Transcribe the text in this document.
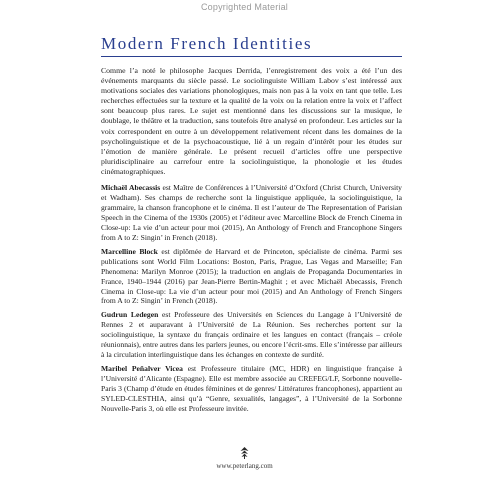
Copyrighted Material
Modern French Identities
Comme l’a noté le philosophe Jacques Derrida, l’enregistrement des voix a été l’un des événements marquants du siècle passé. Le sociolinguiste William Labov s’est intéressé aux motivations sociales des variations phonologiques, mais non pas à la voix en tant que telle. Les recherches effectuées sur la texture et la qualité de la voix ou la relation entre la voix et l’affect sont beaucoup plus rares. Le sujet est mentionné dans les discussions sur la musique, le doublage, le théâtre et la traduction, sans toutefois être analysé en profondeur. Les articles sur la voix correspondent en outre à un développement relativement récent dans les domaines de la psycholinguistique et de la psychoacoustique, lié à un regain d’intérêt pour les études sur l’émotion de manière générale. Le présent recueil d’articles offre une perspective pluridisciplinaire au carrefour entre la sociolinguistique, la phonologie et les études cinématographiques.

Michaël Abecassis est Maître de Conférences à l’Université d’Oxford (Christ Church, University et Wadham). Ses champs de recherche sont la linguistique appliquée, la sociolinguistique, la grammaire, la chanson francophone et le cinéma. Il est l’auteur de The Representation of Parisian Speech in the Cinema of the 1930s (2005) et l’éditeur avec Marcelline Block de French Cinema in Close-up: La vie d’un acteur pour moi (2015), An Anthology of French and Francophone Singers from A to Z: Singin’ in French (2018).

Marcelline Block est diplômée de Harvard et de Princeton, spécialiste de cinéma. Parmi ses publications sont World Film Locations: Boston, Paris, Prague, Las Vegas and Marseille; Fan Phenomena: Marilyn Monroe (2015); la traduction en anglais de Propaganda Documentaries in France, 1940–1944 (2016) par Jean-Pierre Bertin-Maghit ; et avec Michaël Abecassis, French Cinema in Close-up: La vie d’un acteur pour moi (2015) and An Anthology of French Singers from A to Z: Singin’ in French (2018).

Gudrun Ledegen est Professeure des Universités en Sciences du Langage à l’Université de Rennes 2 et auparavant à l’Université de La Réunion. Ses recherches portent sur la sociolinguistique, la syntaxe du français ordinaire et les langues en contact (français – créole réunionnais), entre autres dans les parlers jeunes, ou encore l’écrit-sms. Elle s’intéresse par ailleurs à la circulation interlinguistique dans les échanges en contexte de surdité.

Maribel Peñalver Vicea est Professeure titulaire (MC, HDR) en linguistique française à l’Université d’Alicante (Espagne). Elle est membre associée au CREFEG/LF, Sorbonne nouvelle-Paris 3 (Champ d’étude en études féminines et de genres/ Littératures francophones), appartient au SYLED-CLESTHIA, ainsi qu’à “Genre, sexualités, langages”, à l’Université de la Sorbonne Nouvelle-Paris 3, où elle est Professeure invitée.

www.peterlang.com
